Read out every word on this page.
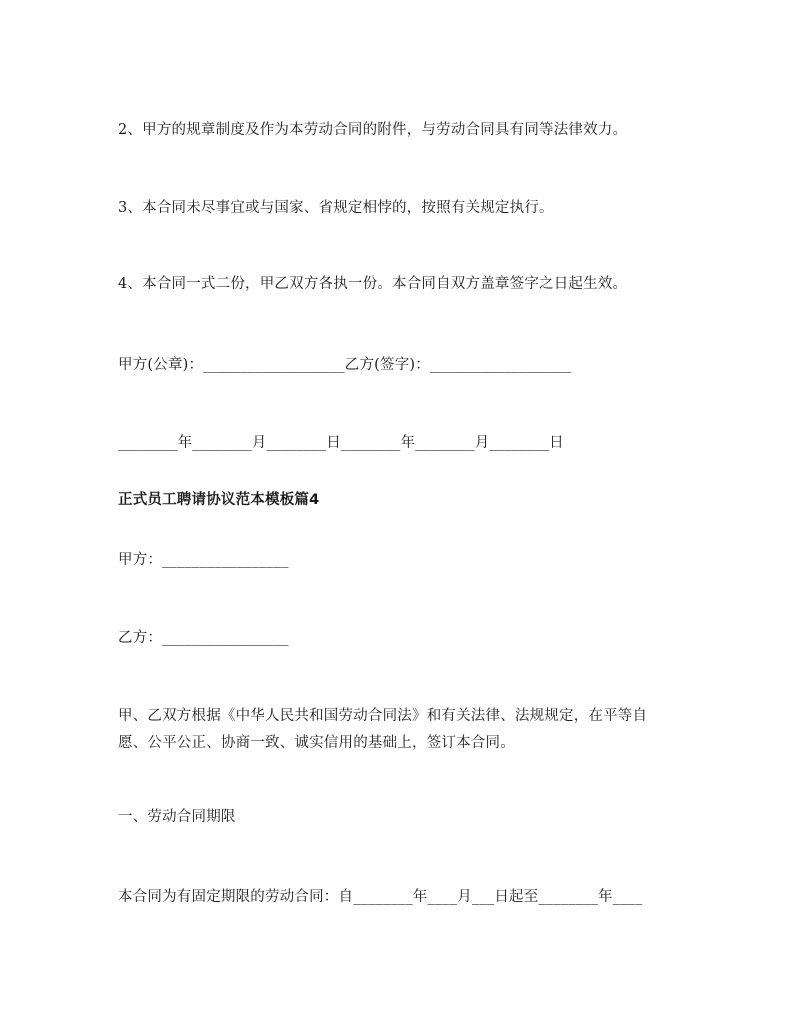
2、甲方的规章制度及作为本劳动合同的附件，与劳动合同具有同等法律效力。
3、本合同未尽事宜或与国家、省规定相悖的，按照有关规定执行。
4、本合同一式二份，甲乙双方各执一份。本合同自双方盖章签字之日起生效。
甲方(公章)：___________________乙方(签字)：___________________
________年________月________日________年________月________日
正式员工聘请协议范本模板篇4
甲方：_________________
乙方：_________________
甲、乙双方根据《中华人民共和国劳动合同法》和有关法律、法规规定，在平等自
愿、公平公正、协商一致、诚实信用的基础上，签订本合同。
一、劳动合同期限
本合同为有固定期限的劳动合同：自________年____月___日起至________年____
